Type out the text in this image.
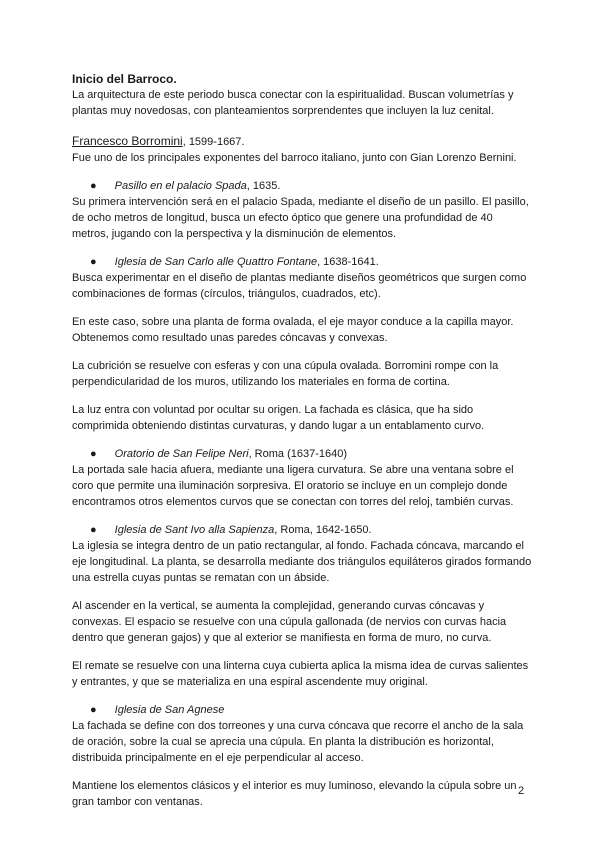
Inicio del Barroco.

La arquitectura de este periodo busca conectar con la espiritualidad. Buscan volumetrías y plantas muy novedosas, con planteamientos sorprendentes que incluyen la luz cenital.

Francesco Borromini, 1599-1667.

Fue uno de los principales exponentes del barroco italiano, junto con Gian Lorenzo Bernini.

● Pasillo en el palacio Spada, 1635.

Su primera intervención será en el palacio Spada, mediante el diseño de un pasillo. El pasillo, de ocho metros de longitud, busca un efecto óptico que genere una profundidad de 40 metros, jugando con la perspectiva y la disminución de elementos.

● Iglesia de San Carlo alle Quattro Fontane, 1638-1641.

Busca experimentar en el diseño de plantas mediante diseños geométricos que surgen como combinaciones de formas (círculos, triángulos, cuadrados, etc).

En este caso, sobre una planta de forma ovalada, el eje mayor conduce a la capilla mayor. Obtenemos como resultado unas paredes cóncavas y convexas.

La cubrición se resuelve con esferas y con una cúpula ovalada. Borromini rompe con la perpendicularidad de los muros, utilizando los materiales en forma de cortina.

La luz entra con voluntad por ocultar su origen. La fachada es clásica, que ha sido comprimida obteniendo distintas curvaturas, y dando lugar a un entablamento curvo.

● Oratorio de San Felipe Neri, Roma (1637-1640)

La portada sale hacia afuera, mediante una ligera curvatura. Se abre una ventana sobre el coro que permite una iluminación sorpresiva. El oratorio se incluye en un complejo donde encontramos otros elementos curvos que se conectan con torres del reloj, también curvas.

● Iglesia de Sant Ivo alla Sapienza, Roma, 1642-1650.

La iglesia se integra dentro de un patio rectangular, al fondo. Fachada cóncava, marcando el eje longitudinal. La planta, se desarrolla mediante dos triángulos equiláteros girados formando una estrella cuyas puntas se rematan con un ábside.

Al ascender en la vertical, se aumenta la complejidad, generando curvas cóncavas y convexas. El espacio se resuelve con una cúpula gallonada (de nervios con curvas hacia dentro que generan gajos) y que al exterior se manifiesta en forma de muro, no curva.

El remate se resuelve con una linterna cuya cubierta aplica la misma idea de curvas salientes y entrantes, y que se materializa en una espiral ascendente muy original.

● Iglesia de San Agnese

La fachada se define con dos torreones y una curva cóncava que recorre el ancho de la sala de oración, sobre la cual se aprecia una cúpula. En planta la distribución es horizontal, distribuida principalmente en el eje perpendicular al acceso.

Mantiene los elementos clásicos y el interior es muy luminoso, elevando la cúpula sobre un gran tambor con ventanas.

2
